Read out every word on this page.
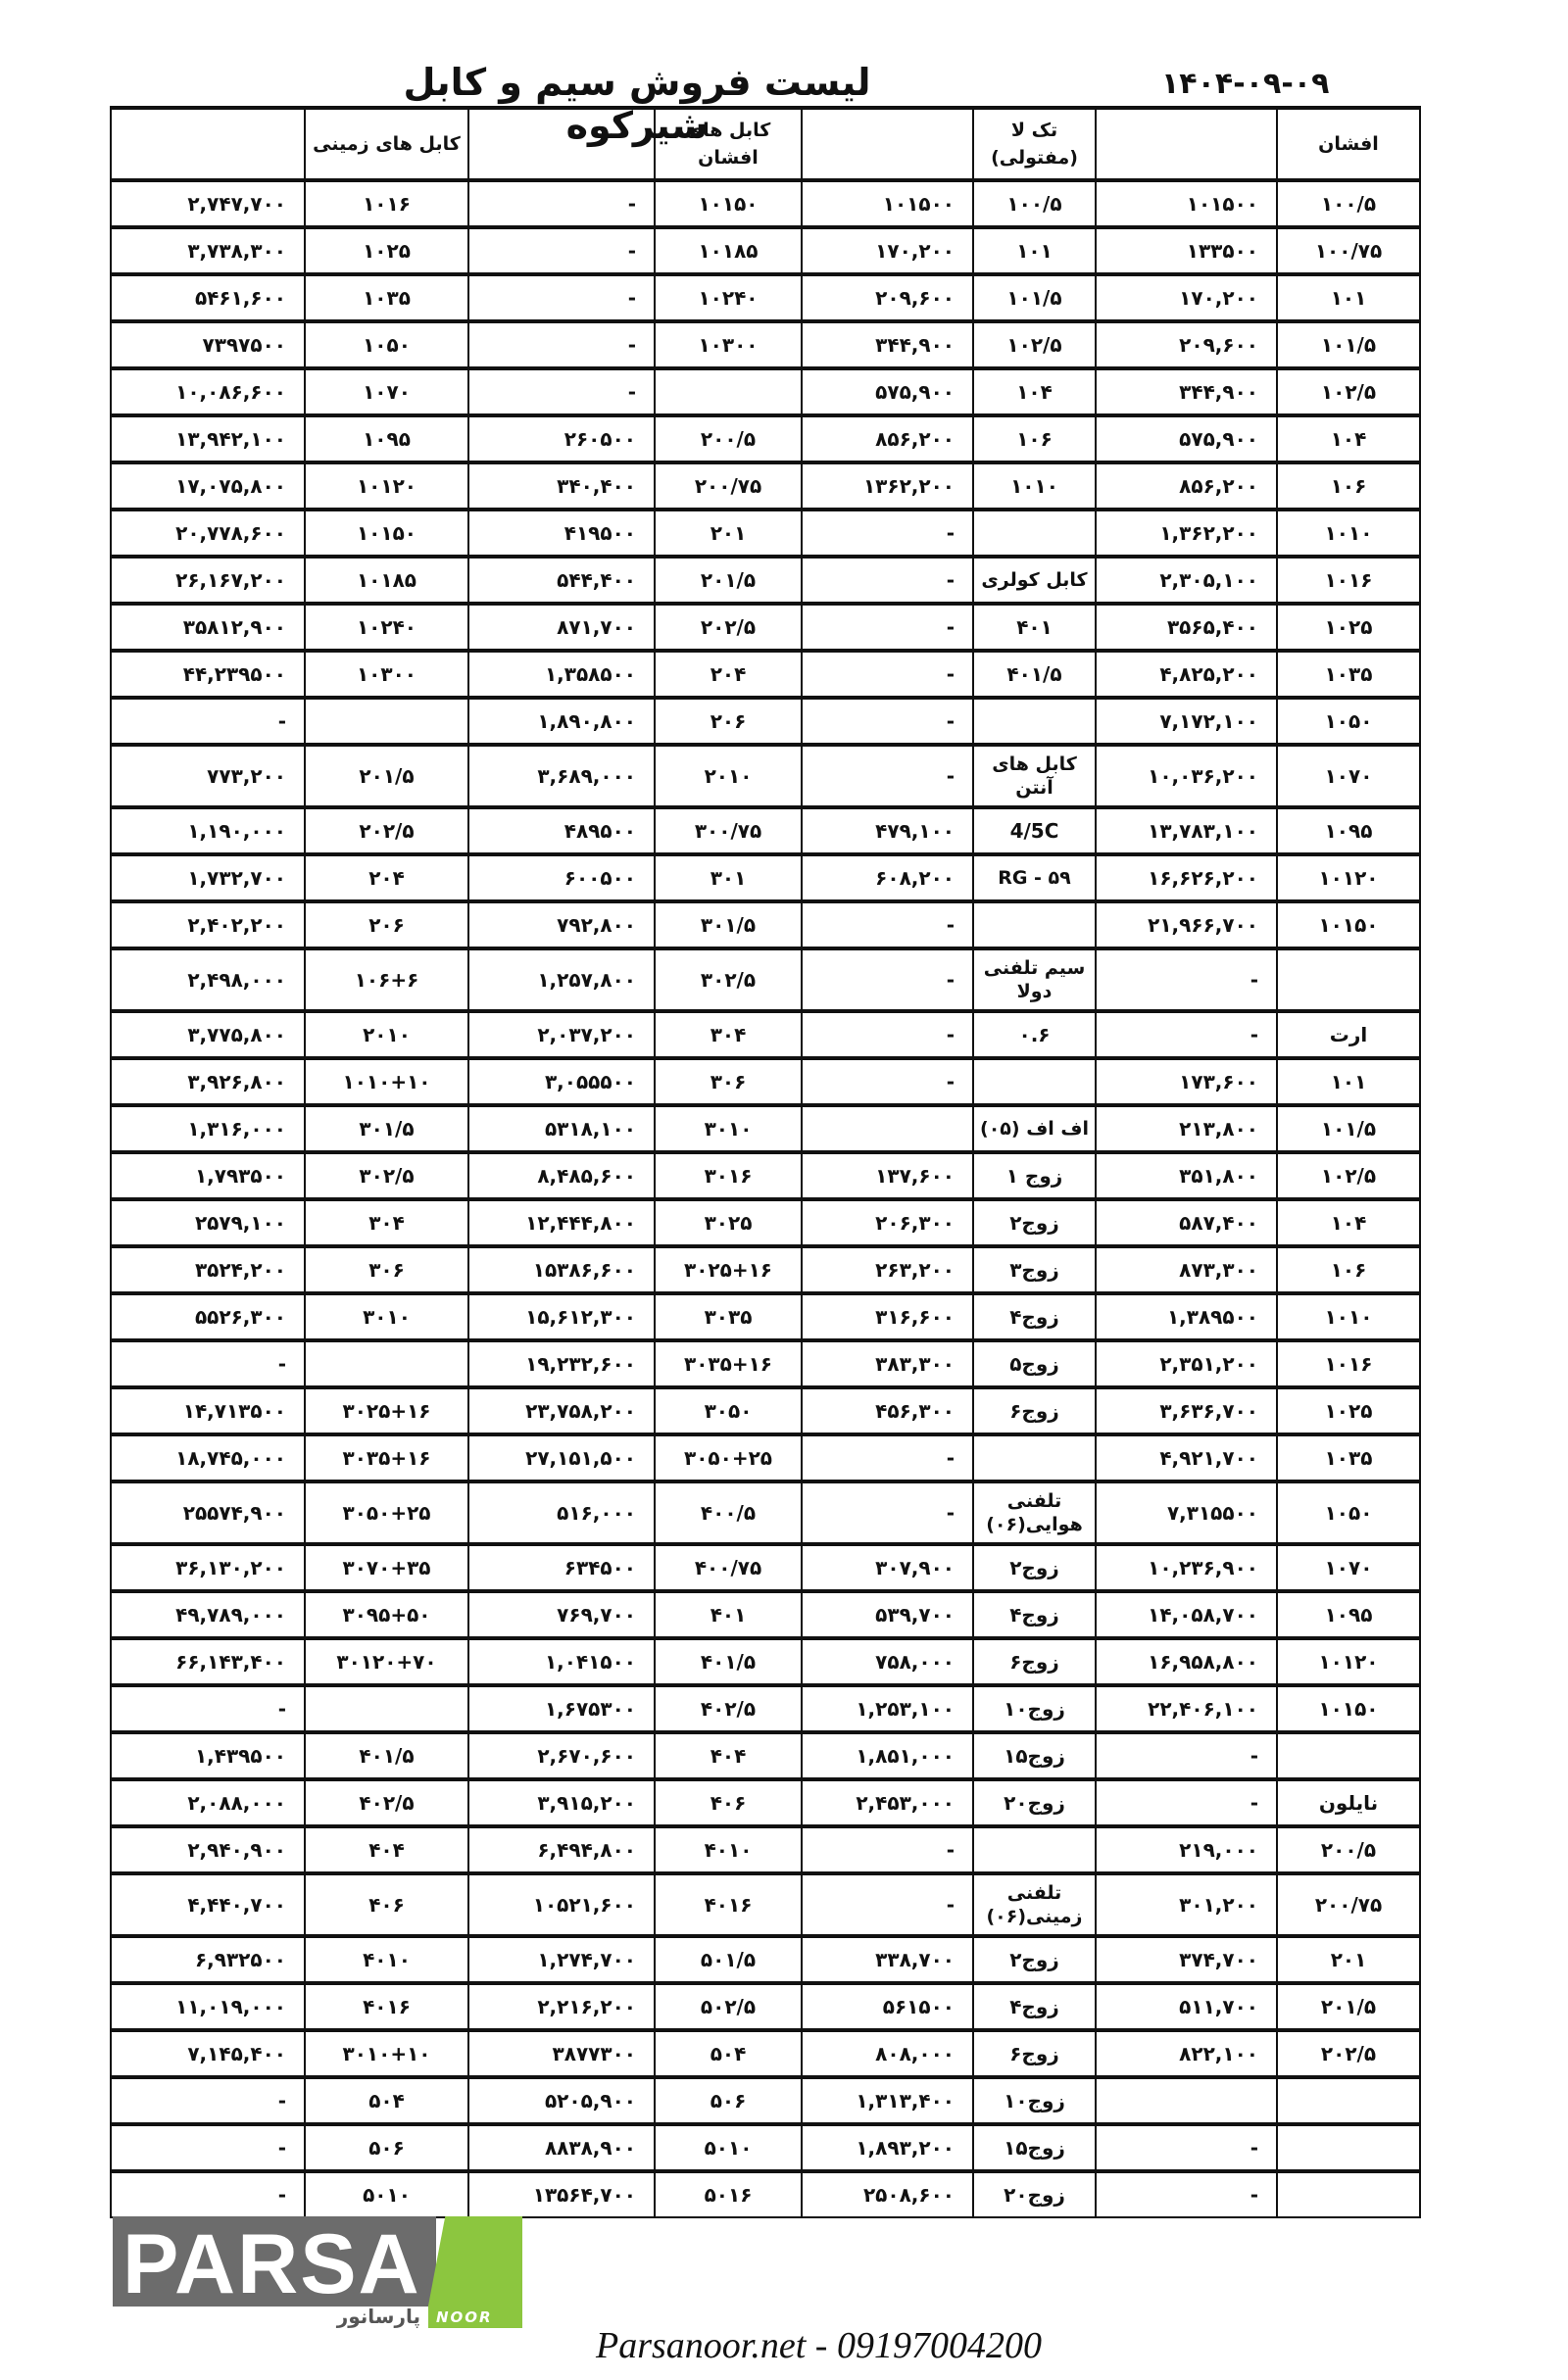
لیست فروش سیم و کابل شیرکوه
۱۴۰۴-۰۹-۰۹
	کابل های زمینی		کابل های افشان		تک لا (مفتولی)		افشان
۲,۷۴۷,۷۰۰	۱۰۱۶	-	۱۰۱۵۰	۱۰۱۵۰۰	۱۰۰/۵	۱۰۱۵۰۰	۱۰۰/۵
۳,۷۳۸,۳۰۰	۱۰۲۵	-	۱۰۱۸۵	۱۷۰,۲۰۰	۱۰۱	۱۳۳۵۰۰	۱۰۰/۷۵
۵۴۶۱,۶۰۰	۱۰۳۵	-	۱۰۲۴۰	۲۰۹,۶۰۰	۱۰۱/۵	۱۷۰,۲۰۰	۱۰۱
۷۳۹۷۵۰۰	۱۰۵۰	-	۱۰۳۰۰	۳۴۴,۹۰۰	۱۰۲/۵	۲۰۹,۶۰۰	۱۰۱/۵
۱۰,۰۸۶,۶۰۰	۱۰۷۰	-		۵۷۵,۹۰۰	۱۰۴	۳۴۴,۹۰۰	۱۰۲/۵
۱۳,۹۴۲,۱۰۰	۱۰۹۵	۲۶۰۵۰۰	۲۰۰/۵	۸۵۶,۲۰۰	۱۰۶	۵۷۵,۹۰۰	۱۰۴
۱۷,۰۷۵,۸۰۰	۱۰۱۲۰	۳۴۰,۴۰۰	۲۰۰/۷۵	۱۳۶۲,۲۰۰	۱۰۱۰	۸۵۶,۲۰۰	۱۰۶
۲۰,۷۷۸,۶۰۰	۱۰۱۵۰	۴۱۹۵۰۰	۲۰۱	-		۱,۳۶۲,۲۰۰	۱۰۱۰
۲۶,۱۶۷,۲۰۰	۱۰۱۸۵	۵۴۴,۴۰۰	۲۰۱/۵	-	کابل کولری	۲,۳۰۵,۱۰۰	۱۰۱۶
۳۵۸۱۲,۹۰۰	۱۰۲۴۰	۸۷۱,۷۰۰	۲۰۲/۵	-	۴۰۱	۳۵۶۵,۴۰۰	۱۰۲۵
۴۴,۲۳۹۵۰۰	۱۰۳۰۰	۱,۳۵۸۵۰۰	۲۰۴	-	۴۰۱/۵	۴,۸۲۵,۲۰۰	۱۰۳۵
-		۱,۸۹۰,۸۰۰	۲۰۶	-		۷,۱۷۲,۱۰۰	۱۰۵۰
۷۷۳,۲۰۰	۲۰۱/۵	۳,۶۸۹,۰۰۰	۲۰۱۰	-	کابل های آنتن	۱۰,۰۳۶,۲۰۰	۱۰۷۰
۱,۱۹۰,۰۰۰	۲۰۲/۵	۴۸۹۵۰۰	۳۰۰/۷۵	۴۷۹,۱۰۰	4/5C	۱۳,۷۸۳,۱۰۰	۱۰۹۵
۱,۷۳۲,۷۰۰	۲۰۴	۶۰۰۵۰۰	۳۰۱	۶۰۸,۲۰۰	RG - ۵۹	۱۶,۶۲۶,۲۰۰	۱۰۱۲۰
۲,۴۰۲,۲۰۰	۲۰۶	۷۹۲,۸۰۰	۳۰۱/۵	-		۲۱,۹۶۶,۷۰۰	۱۰۱۵۰
۲,۴۹۸,۰۰۰	۱۰۶+۶	۱,۲۵۷,۸۰۰	۳۰۲/۵	-	سیم تلفنی دولا	-	
۳,۷۷۵,۸۰۰	۲۰۱۰	۲,۰۳۷,۲۰۰	۳۰۴	-	۰.۶	-	ارت
۳,۹۲۶,۸۰۰	۱۰۱۰+۱۰	۳,۰۵۵۵۰۰	۳۰۶	-		۱۷۳,۶۰۰	۱۰۱
۱,۳۱۶,۰۰۰	۳۰۱/۵	۵۳۱۸,۱۰۰	۳۰۱۰		اف اف (۰۵)	۲۱۳,۸۰۰	۱۰۱/۵
۱,۷۹۳۵۰۰	۳۰۲/۵	۸,۴۸۵,۶۰۰	۳۰۱۶	۱۳۷,۶۰۰	زوج ۱	۳۵۱,۸۰۰	۱۰۲/۵
۲۵۷۹,۱۰۰	۳۰۴	۱۲,۴۴۴,۸۰۰	۳۰۲۵	۲۰۶,۳۰۰	۲زوج	۵۸۷,۴۰۰	۱۰۴
۳۵۲۴,۲۰۰	۳۰۶	۱۵۳۸۶,۶۰۰	۳۰۲۵+۱۶	۲۶۳,۲۰۰	۳زوج	۸۷۳,۳۰۰	۱۰۶
۵۵۲۶,۳۰۰	۳۰۱۰	۱۵,۶۱۲,۳۰۰	۳۰۳۵	۳۱۶,۶۰۰	۴زوج	۱,۳۸۹۵۰۰	۱۰۱۰
-		۱۹,۲۳۲,۶۰۰	۳۰۳۵+۱۶	۳۸۳,۳۰۰	۵زوج	۲,۳۵۱,۲۰۰	۱۰۱۶
۱۴,۷۱۳۵۰۰	۳۰۲۵+۱۶	۲۳,۷۵۸,۲۰۰	۳۰۵۰	۴۵۶,۳۰۰	۶زوج	۳,۶۳۶,۷۰۰	۱۰۲۵
۱۸,۷۴۵,۰۰۰	۳۰۳۵+۱۶	۲۷,۱۵۱,۵۰۰	۳۰۵۰+۲۵	-		۴,۹۲۱,۷۰۰	۱۰۳۵
۲۵۵۷۴,۹۰۰	۳۰۵۰+۲۵	۵۱۶,۰۰۰	۴۰۰/۵	-	تلفنی هوایی(۰۶)	۷,۳۱۵۵۰۰	۱۰۵۰
۳۶,۱۳۰,۲۰۰	۳۰۷۰+۳۵	۶۳۴۵۰۰	۴۰۰/۷۵	۳۰۷,۹۰۰	۲زوج	۱۰,۲۳۶,۹۰۰	۱۰۷۰
۴۹,۷۸۹,۰۰۰	۳۰۹۵+۵۰	۷۶۹,۷۰۰	۴۰۱	۵۳۹,۷۰۰	۴زوج	۱۴,۰۵۸,۷۰۰	۱۰۹۵
۶۶,۱۴۳,۴۰۰	۳۰۱۲۰+۷۰	۱,۰۴۱۵۰۰	۴۰۱/۵	۷۵۸,۰۰۰	۶زوج	۱۶,۹۵۸,۸۰۰	۱۰۱۲۰
-		۱,۶۷۵۳۰۰	۴۰۲/۵	۱,۲۵۳,۱۰۰	۱۰زوج	۲۲,۴۰۶,۱۰۰	۱۰۱۵۰
۱,۴۳۹۵۰۰	۴۰۱/۵	۲,۶۷۰,۶۰۰	۴۰۴	۱,۸۵۱,۰۰۰	۱۵زوج	-	
۲,۰۸۸,۰۰۰	۴۰۲/۵	۳,۹۱۵,۲۰۰	۴۰۶	۲,۴۵۳,۰۰۰	۲۰زوج	-	نایلون
۲,۹۴۰,۹۰۰	۴۰۴	۶,۴۹۴,۸۰۰	۴۰۱۰	-		۲۱۹,۰۰۰	۲۰۰/۵
۴,۴۴۰,۷۰۰	۴۰۶	۱۰۵۲۱,۶۰۰	۴۰۱۶	-	تلفنی زمینی(۰۶)	۳۰۱,۲۰۰	۲۰۰/۷۵
۶,۹۳۲۵۰۰	۴۰۱۰	۱,۲۷۴,۷۰۰	۵۰۱/۵	۳۳۸,۷۰۰	۲زوج	۳۷۴,۷۰۰	۲۰۱
۱۱,۰۱۹,۰۰۰	۴۰۱۶	۲,۲۱۶,۲۰۰	۵۰۲/۵	۵۶۱۵۰۰	۴زوج	۵۱۱,۷۰۰	۲۰۱/۵
۷,۱۴۵,۴۰۰	۳۰۱۰+۱۰	۳۸۷۷۳۰۰	۵۰۴	۸۰۸,۰۰۰	۶زوج	۸۲۲,۱۰۰	۲۰۲/۵
-	۵۰۴	۵۲۰۵,۹۰۰	۵۰۶	۱,۳۱۳,۴۰۰	۱۰زوج		
-	۵۰۶	۸۸۳۸,۹۰۰	۵۰۱۰	۱,۸۹۳,۲۰۰	۱۵زوج	-	
-	۵۰۱۰	۱۳۵۶۴,۷۰۰	۵۰۱۶	۲۵۰۸,۶۰۰	۲۰زوج	-	
PARSA
پارسانور NOOR
Parsanoor.net - 09197004200
